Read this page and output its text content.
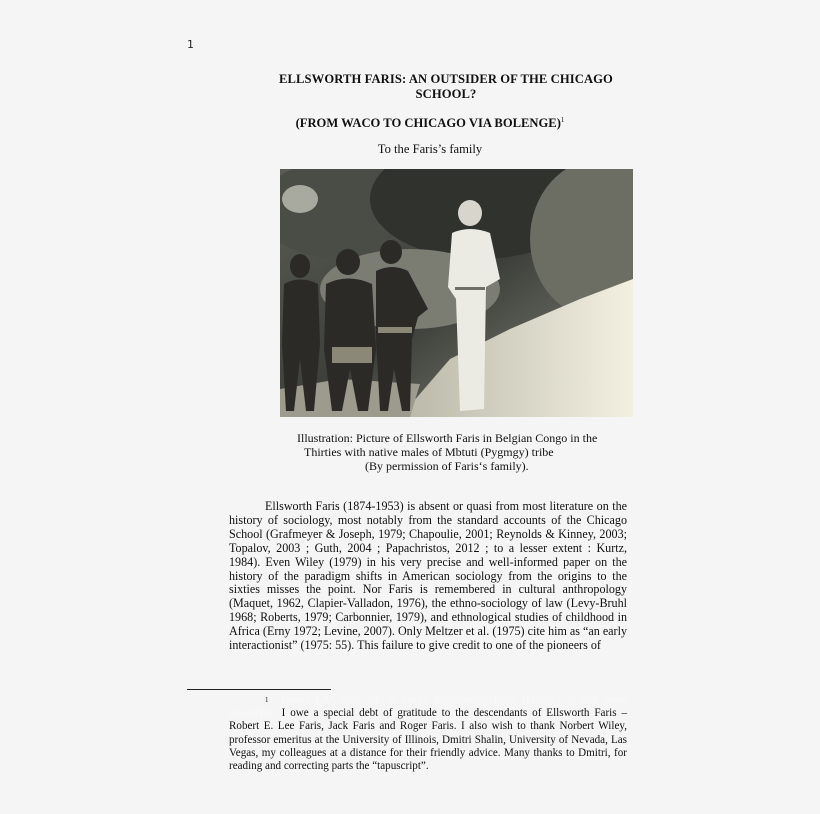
1
ELLSWORTH FARIS: AN OUTSIDER OF THE CHICAGO
SCHOOL?
(FROM WACO TO CHICAGO VIA BOLENGE)$^1$
To the Faris’s family
Illustration: Picture of Ellsworth Faris in Belgian Congo in the
Thirties with native males of Mbtuti (Pygmgy) tribe
(By permission of Faris‘s family).

Ellsworth Faris (1874-1953) is absent or quasi from most literature on the history of sociology, most notably from the standard accounts of the Chicago School (Grafmeyer & Joseph, 1979; Chapoulie, 2001; Reynolds & Kinney, 2003; Topalov, 2003 ; Guth, 2004 ; Papachristos, 2012 ; to a lesser extent : Kurtz, 1984). Even Wiley (1979) in his very precise and well-informed paper on the history of the paradigm shifts in American sociology from the origins to the sixties misses the point. Nor Faris is remembered in cultural anthropology (Maquet, 1962, Clapier-Valladon, 1976), the ethno-sociology of law (Levy-Bruhl 1968; Roberts, 1979; Carbonnier, 1979), and ethnological studies of childhood in Africa (Erny 1972; Levine, 2007). Only Meltzer et al. (1975) cite him as “an early interactionist” (1975: 55). This failure to give credit to one of the pioneers of

1 Lionel LACAZE, Dr. of Social Psychology, Lyon (France), is free lance researcher. I owe a special debt of gratitude to the descendants of Ellsworth Faris –Robert E. Lee Faris, Jack Faris and Roger Faris. I also wish to thank Norbert Wiley, professor emeritus at the University of Illinois, Dmitri Shalin, University of Nevada, Las Vegas, my colleagues at a distance for their friendly advice. Many thanks to Dmitri, for reading and correcting parts the “tapuscript”.
